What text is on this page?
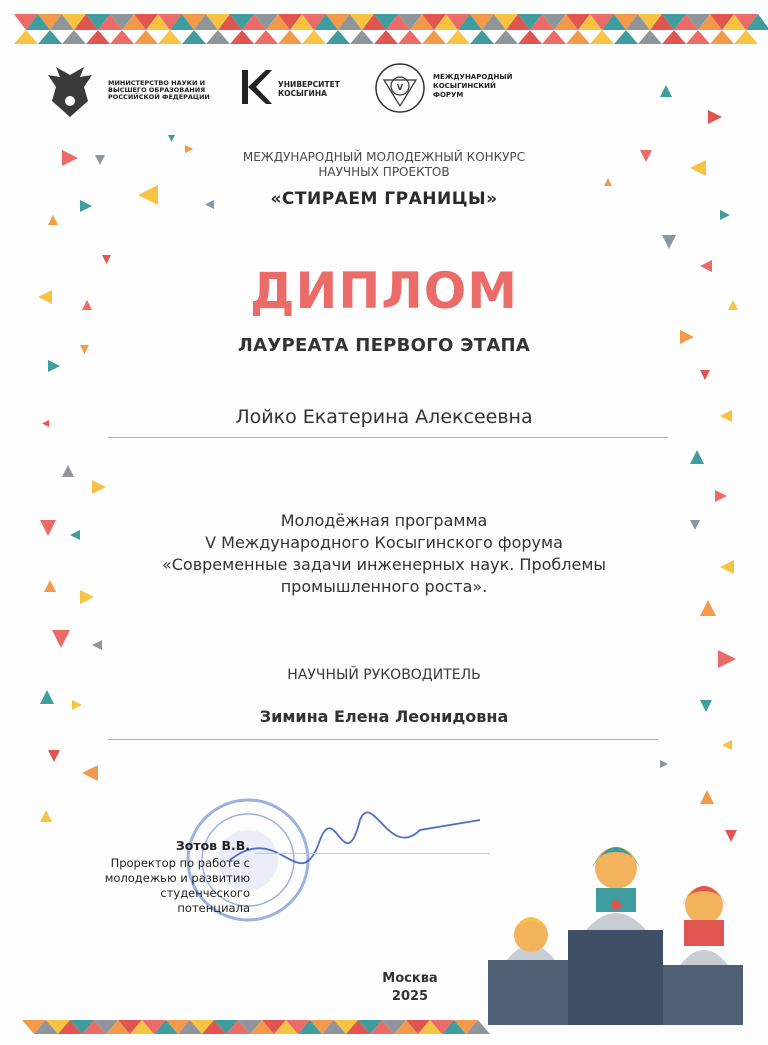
V
МИНИСТЕРСТВО НАУКИ И ВЫСШЕГО ОБРАЗОВАНИЯ РОССИЙСКОЙ ФЕДЕРАЦИИ
УНИВЕРСИТЕТ
КОСЫГИНА
МЕЖДУНАРОДНЫЙ
КОСЫГИНСКИЙ
ФОРУМ
МЕЖДУНАРОДНЫЙ МОЛОДЕЖНЫЙ КОНКУРС
НАУЧНЫХ ПРОЕКТОВ
«СТИРАЕМ ГРАНИЦЫ»
ДИПЛОМ
ЛАУРЕАТА ПЕРВОГО ЭТАПА
Лойко Екатерина Алексеевна
Молодёжная программа
V Международного Косыгинского форума
«Современные задачи инженерных наук. Проблемы
промышленного роста».
НАУЧНЫЙ РУКОВОДИТЕЛЬ
Зимина Елена Леонидовна
Зотов В.В.
Проректор по работе с
молодежью и развитию
студенческого
потенциала
Москва
2025
